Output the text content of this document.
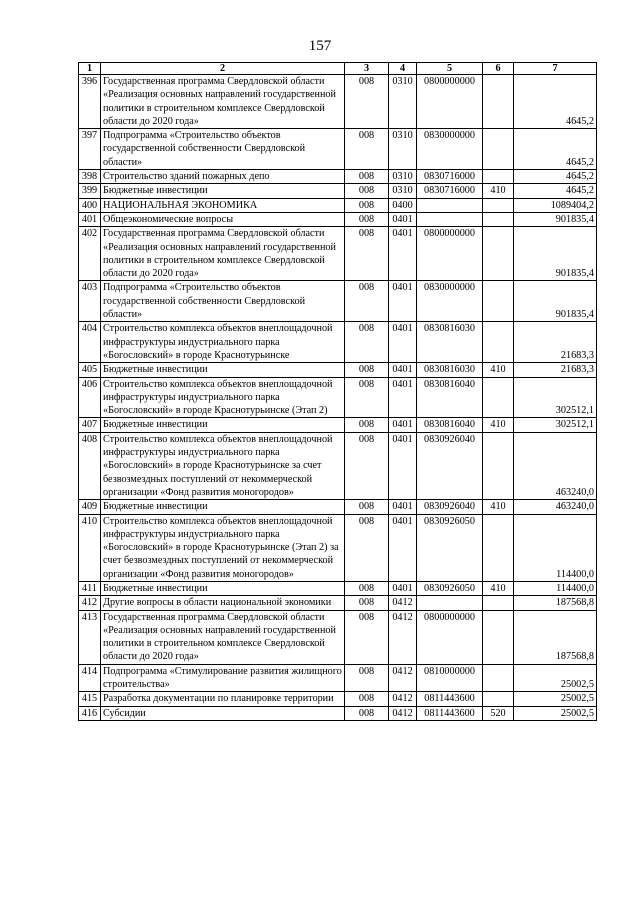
157
1	2	3	4	5	6	7
396	Государственная программа Свердловской области «Реализация основных направлений государственной политики в строительном комплексе Свердловской области до 2020 года»	008	0310	0800000000		4645,2
397	Подпрограмма «Строительство объектов государственной собственности Свердловской области»	008	0310	0830000000		4645,2
398	Строительство зданий пожарных депо	008	0310	0830716000		4645,2
399	Бюджетные инвестиции	008	0310	0830716000	410	4645,2
400	НАЦИОНАЛЬНАЯ ЭКОНОМИКА	008	0400			1089404,2
401	Общеэкономические вопросы	008	0401			901835,4
402	Государственная программа Свердловской области «Реализация основных направлений государственной политики в строительном комплексе Свердловской области до 2020 года»	008	0401	0800000000		901835,4
403	Подпрограмма «Строительство объектов государственной собственности Свердловской области»	008	0401	0830000000		901835,4
404	Строительство комплекса объектов внеплощадочной инфраструктуры индустриального парка «Богословский» в городе Краснотурьинске	008	0401	0830816030		21683,3
405	Бюджетные инвестиции	008	0401	0830816030	410	21683,3
406	Строительство комплекса объектов внеплощадочной инфраструктуры индустриального парка «Богословский» в городе Краснотурьинске (Этап 2)	008	0401	0830816040		302512,1
407	Бюджетные инвестиции	008	0401	0830816040	410	302512,1
408	Строительство комплекса объектов внеплощадочной инфраструктуры индустриального парка «Богословский» в городе Краснотурьинске за счет безвозмездных поступлений от некоммерческой организации «Фонд развития моногородов»	008	0401	0830926040		463240,0
409	Бюджетные инвестиции	008	0401	0830926040	410	463240,0
410	Строительство комплекса объектов внеплощадочной инфраструктуры индустриального парка «Богословский» в городе Краснотурьинске (Этап 2) за счет безвозмездных поступлений от некоммерческой организации «Фонд развития моногородов»	008	0401	0830926050		114400,0
411	Бюджетные инвестиции	008	0401	0830926050	410	114400,0
412	Другие вопросы в области национальной экономики	008	0412			187568,8
413	Государственная программа Свердловской области «Реализация основных направлений государственной политики в строительном комплексе Свердловской области до 2020 года»	008	0412	0800000000		187568,8
414	Подпрограмма «Стимулирование развития жилищного строительства»	008	0412	0810000000		25002,5
415	Разработка документации по планировке территории	008	0412	0811443600		25002,5
416	Субсидии	008	0412	0811443600	520	25002,5
